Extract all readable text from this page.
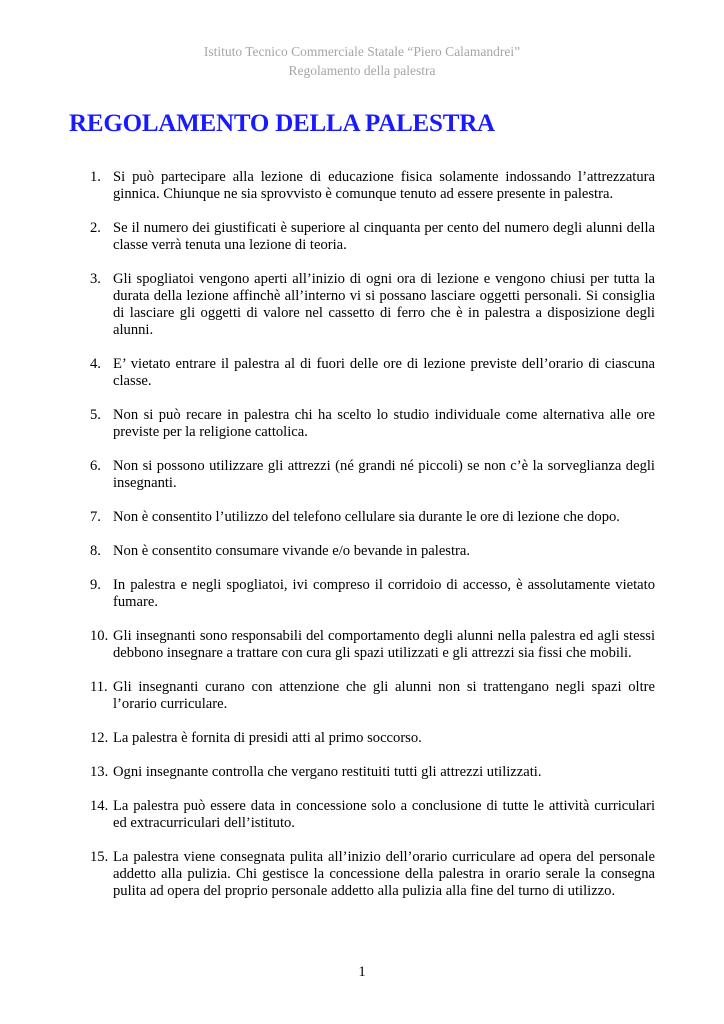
Istituto Tecnico Commerciale Statale “Piero Calamandrei”
Regolamento della palestra
REGOLAMENTO DELLA PALESTRA
1. Si può partecipare alla lezione di educazione fisica solamente indossando l’attrezzatura ginnica. Chiunque ne sia sprovvisto è comunque tenuto ad essere presente in palestra.
2. Se il numero dei giustificati è superiore al cinquanta per cento del numero degli alunni della classe verrà tenuta una lezione di teoria.
3. Gli spogliatoi vengono aperti all’inizio di ogni ora di lezione e vengono chiusi per tutta la durata della lezione affinchè all’interno vi si possano lasciare oggetti personali. Si consiglia di lasciare gli oggetti di valore nel cassetto di ferro che è in palestra a disposizione degli alunni.
4. E’ vietato entrare il palestra al di fuori delle ore di lezione previste dell’orario di ciascuna classe.
5. Non si può recare in palestra chi ha scelto lo studio individuale come alternativa alle ore previste per la religione cattolica.
6. Non si possono utilizzare gli attrezzi (né grandi né piccoli) se non c’è la sorveglianza degli insegnanti.
7. Non è consentito l’utilizzo del telefono cellulare sia durante le ore di lezione che dopo.
8. Non è consentito consumare vivande e/o bevande in palestra.
9. In palestra e negli spogliatoi, ivi compreso il corridoio di accesso, è assolutamente vietato fumare.
10. Gli insegnanti sono responsabili del comportamento degli alunni nella palestra ed agli stessi debbono insegnare a trattare con cura gli spazi utilizzati e gli attrezzi sia fissi che mobili.
11. Gli insegnanti curano con attenzione che gli alunni non si trattengano negli spazi oltre l’orario curriculare.
12. La palestra è fornita di presidi atti al primo soccorso.
13. Ogni insegnante controlla che vergano restituiti tutti gli attrezzi utilizzati.
14. La palestra può essere data in concessione solo a conclusione di tutte le attività curriculari ed extracurriculari dell’istituto.
15. La palestra viene consegnata pulita all’inizio dell’orario curriculare ad opera del personale addetto alla pulizia. Chi gestisce la concessione della palestra in orario serale la consegna pulita ad opera del proprio personale addetto alla pulizia alla fine del turno di utilizzo.
1
